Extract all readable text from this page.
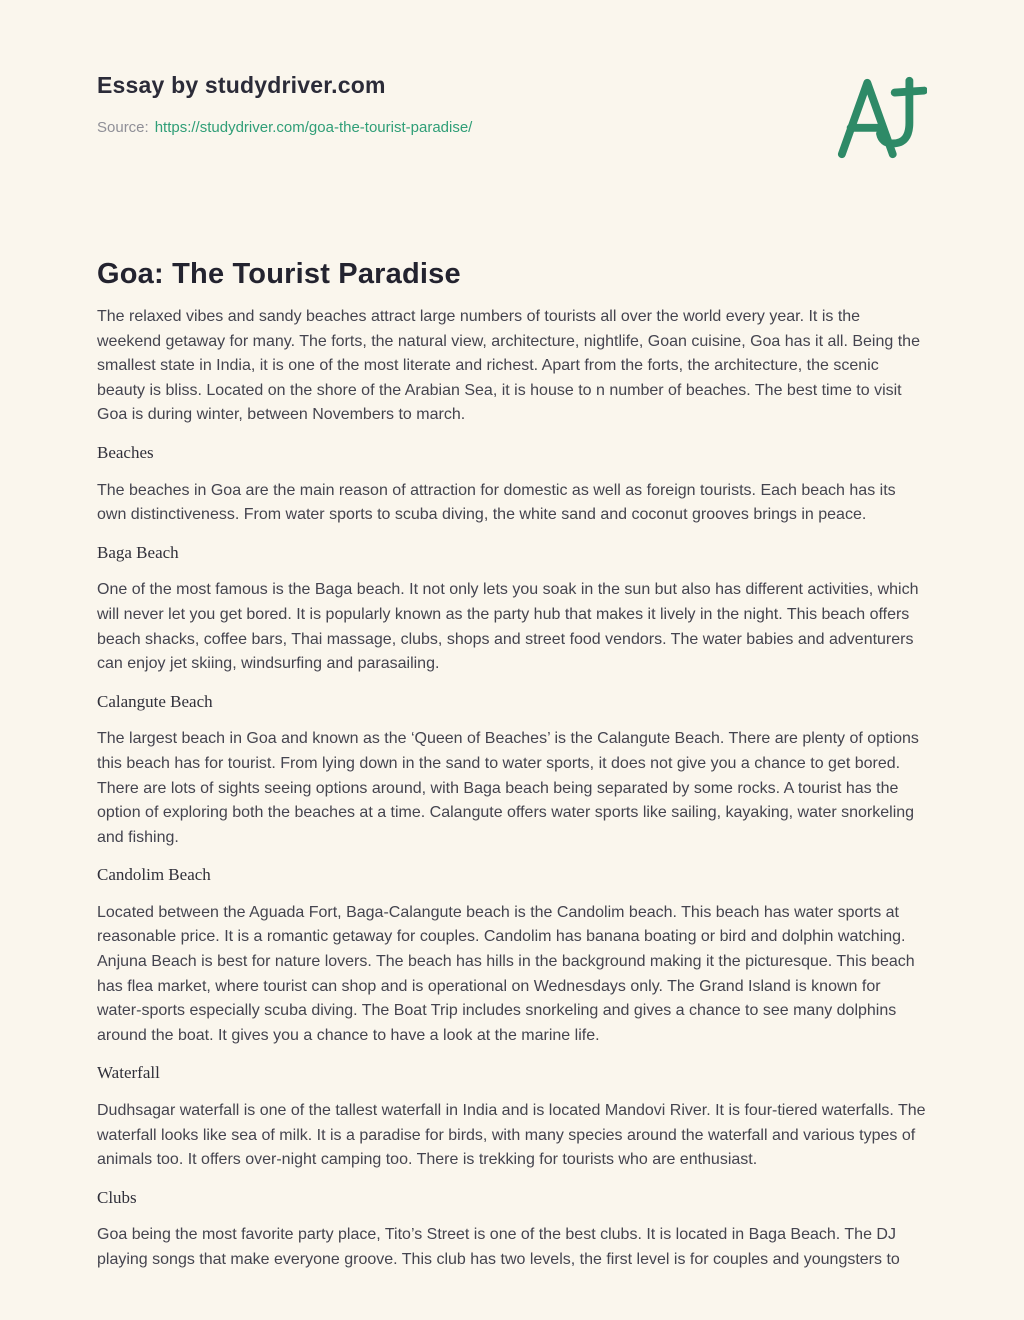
Essay by studydriver.com
Source: https://studydriver.com/goa-the-tourist-paradise/
Goa: The Tourist Paradise

The relaxed vibes and sandy beaches attract large numbers of tourists all over the world every year. It is the weekend getaway for many. The forts, the natural view, architecture, nightlife, Goan cuisine, Goa has it all. Being the smallest state in India, it is one of the most literate and richest. Apart from the forts, the architecture, the scenic beauty is bliss. Located on the shore of the Arabian Sea, it is house to n number of beaches. The best time to visit Goa is during winter, between Novembers to march.

Beaches

The beaches in Goa are the main reason of attraction for domestic as well as foreign tourists. Each beach has its own distinctiveness. From water sports to scuba diving, the white sand and coconut grooves brings in peace.

Baga Beach

One of the most famous is the Baga beach. It not only lets you soak in the sun but also has different activities, which will never let you get bored. It is popularly known as the party hub that makes it lively in the night. This beach offers beach shacks, coffee bars, Thai massage, clubs, shops and street food vendors. The water babies and adventurers can enjoy jet skiing, windsurfing and parasailing.

Calangute Beach

The largest beach in Goa and known as the ‘Queen of Beaches’ is the Calangute Beach. There are plenty of options this beach has for tourist. From lying down in the sand to water sports, it does not give you a chance to get bored. There are lots of sights seeing options around, with Baga beach being separated by some rocks. A tourist has the option of exploring both the beaches at a time. Calangute offers water sports like sailing, kayaking, water snorkeling and fishing.

Candolim Beach

Located between the Aguada Fort, Baga-Calangute beach is the Candolim beach. This beach has water sports at reasonable price. It is a romantic getaway for couples. Candolim has banana boating or bird and dolphin watching. Anjuna Beach is best for nature lovers. The beach has hills in the background making it the picturesque. This beach has flea market, where tourist can shop and is operational on Wednesdays only. The Grand Island is known for water-sports especially scuba diving. The Boat Trip includes snorkeling and gives a chance to see many dolphins around the boat. It gives you a chance to have a look at the marine life.

Waterfall

Dudhsagar waterfall is one of the tallest waterfall in India and is located Mandovi River. It is four-tiered waterfalls. The waterfall looks like sea of milk. It is a paradise for birds, with many species around the waterfall and various types of animals too. It offers over-night camping too. There is trekking for tourists who are enthusiast.

Clubs

Goa being the most favorite party place, Tito’s Street is one of the best clubs. It is located in Baga Beach. The DJ playing songs that make everyone groove. This club has two levels, the first level is for couples and youngsters to
